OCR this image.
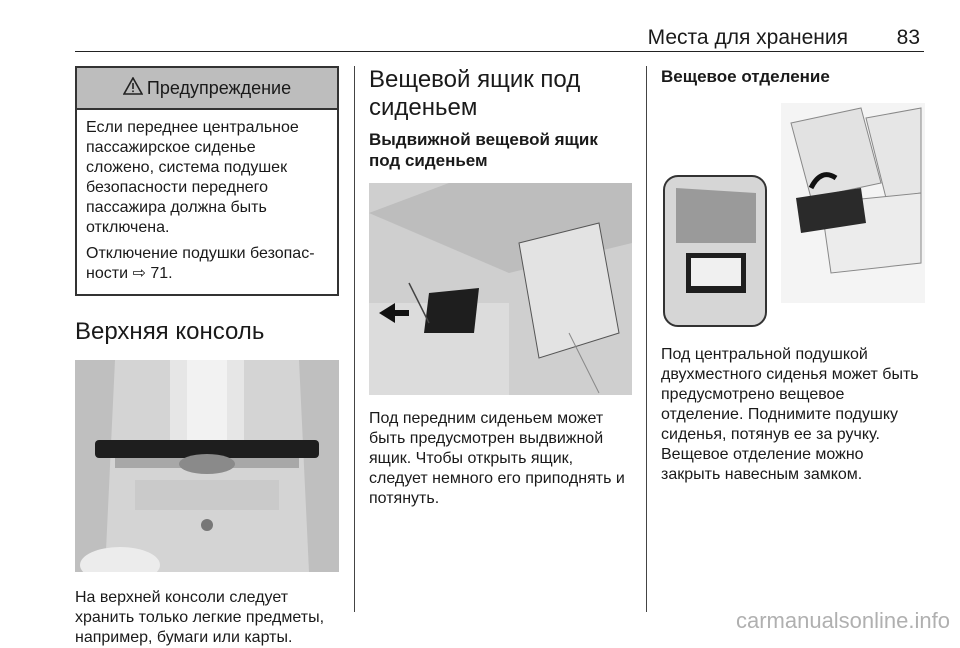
Места для хранения 83
Предупреждение

Если переднее центральное пассажирское сиденье сложено, система подушек безопасности переднего пассажира должна быть отключена.

Отключение подушки безопас-ности ⇨ 71.

Верхняя консоль

На верхней консоли следует хранить только легкие предметы, например, бумаги или карты.

Вещевой ящик под сиденьем
Выдвижной вещевой ящик под сиденьем

Под передним сиденьем может быть предусмотрен выдвижной ящик. Чтобы открыть ящик, следует немного его приподнять и потянуть.

Вещевое отделение

Под центральной подушкой двухместного сиденья может быть предусмотрено вещевое отделение. Поднимите подушку сиденья, потянув ее за ручку. Вещевое отделение можно закрыть навесным замком.

carmanualsonline.info
